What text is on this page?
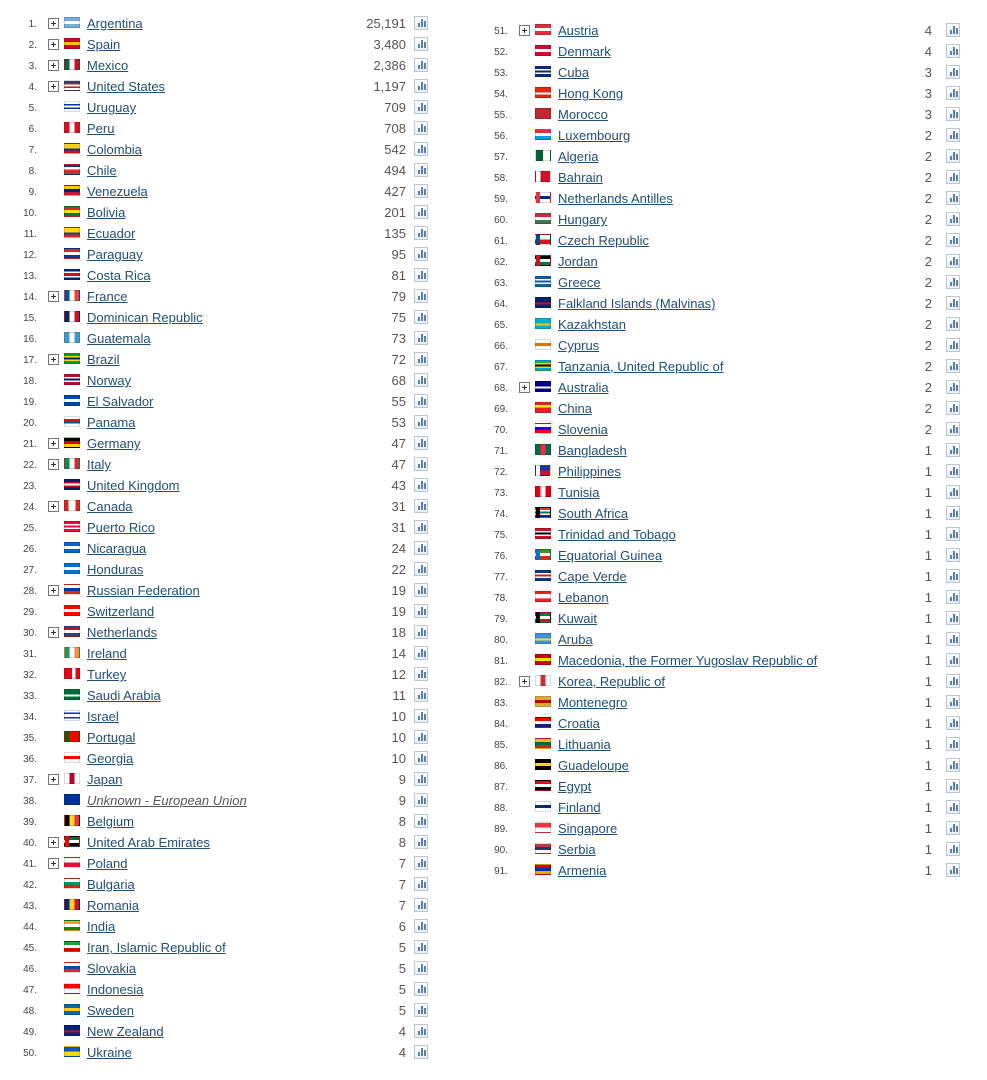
1.	Argentina	25,191
2.	Spain	3,480
3.	Mexico	2,386
4.	United States	1,197
5.	Uruguay	709
6.	Peru	708
7.	Colombia	542
8.	Chile	494
9.	Venezuela	427
10.	Bolivia	201
11.	Ecuador	135
12.	Paraguay	95
13.	Costa Rica	81
14.	France	79
15.	Dominican Republic	75
16.	Guatemala	73
17.	Brazil	72
18.	Norway	68
19.	El Salvador	55
20.	Panama	53
21.	Germany	47
22.	Italy	47
23.	United Kingdom	43
24.	Canada	31
25.	Puerto Rico	31
26.	Nicaragua	24
27.	Honduras	22
28.	Russian Federation	19
29.	Switzerland	19
30.	Netherlands	18
31.	Ireland	14
32.	Turkey	12
33.	Saudi Arabia	11
34.	Israel	10
35.	Portugal	10
36.	Georgia	10
37.	Japan	9
38.	Unknown - European Union	9
39.	Belgium	8
40.	United Arab Emirates	8
41.	Poland	7
42.	Bulgaria	7
43.	Romania	7
44.	India	6
45.	Iran, Islamic Republic of	5
46.	Slovakia	5
47.	Indonesia	5
48.	Sweden	5
49.	New Zealand	4
50.	Ukraine	4
51.	Austria	4
52.	Denmark	4
53.	Cuba	3
54.	Hong Kong	3
55.	Morocco	3
56.	Luxembourg	2
57.	Algeria	2
58.	Bahrain	2
59.	Netherlands Antilles	2
60.	Hungary	2
61.	Czech Republic	2
62.	Jordan	2
63.	Greece	2
64.	Falkland Islands (Malvinas)	2
65.	Kazakhstan	2
66.	Cyprus	2
67.	Tanzania, United Republic of	2
68.	Australia	2
69.	China	2
70.	Slovenia	2
71.	Bangladesh	1
72.	Philippines	1
73.	Tunisia	1
74.	South Africa	1
75.	Trinidad and Tobago	1
76.	Equatorial Guinea	1
77.	Cape Verde	1
78.	Lebanon	1
79.	Kuwait	1
80.	Aruba	1
81.	Macedonia, the Former Yugoslav Republic of	1
82.	Korea, Republic of	1
83.	Montenegro	1
84.	Croatia	1
85.	Lithuania	1
86.	Guadeloupe	1
87.	Egypt	1
88.	Finland	1
89.	Singapore	1
90.	Serbia	1
91.	Armenia	1
